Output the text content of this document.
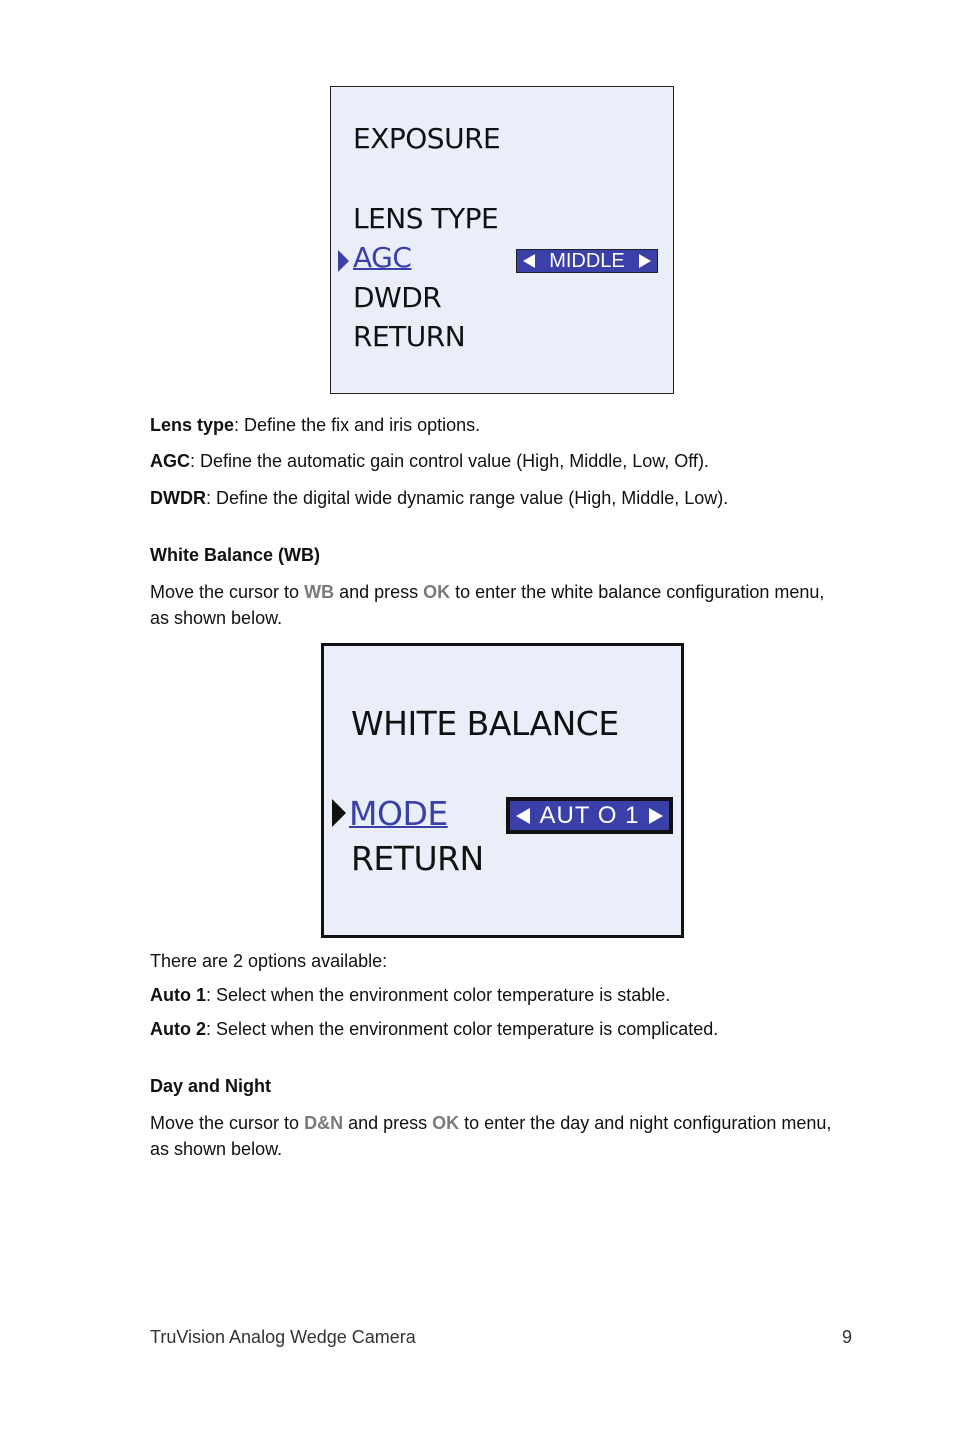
EXPOSURE
LENS TYPE
AGC
DWDR
RETURN
MIDDLE
Lens type: Define the fix and iris options.
AGC: Define the automatic gain control value (High, Middle, Low, Off).
DWDR: Define the digital wide dynamic range value (High, Middle, Low).
White Balance (WB)
Move the cursor to WB and press OK to enter the white balance configuration menu, as shown below.
WHITE BALANCE
MODE
RETURN
AUT O 1
There are 2 options available:
Auto 1: Select when the environment color temperature is stable.
Auto 2: Select when the environment color temperature is complicated.
Day and Night
Move the cursor to D&N and press OK to enter the day and night configuration menu, as shown below.
TruVision Analog Wedge Camera	9
